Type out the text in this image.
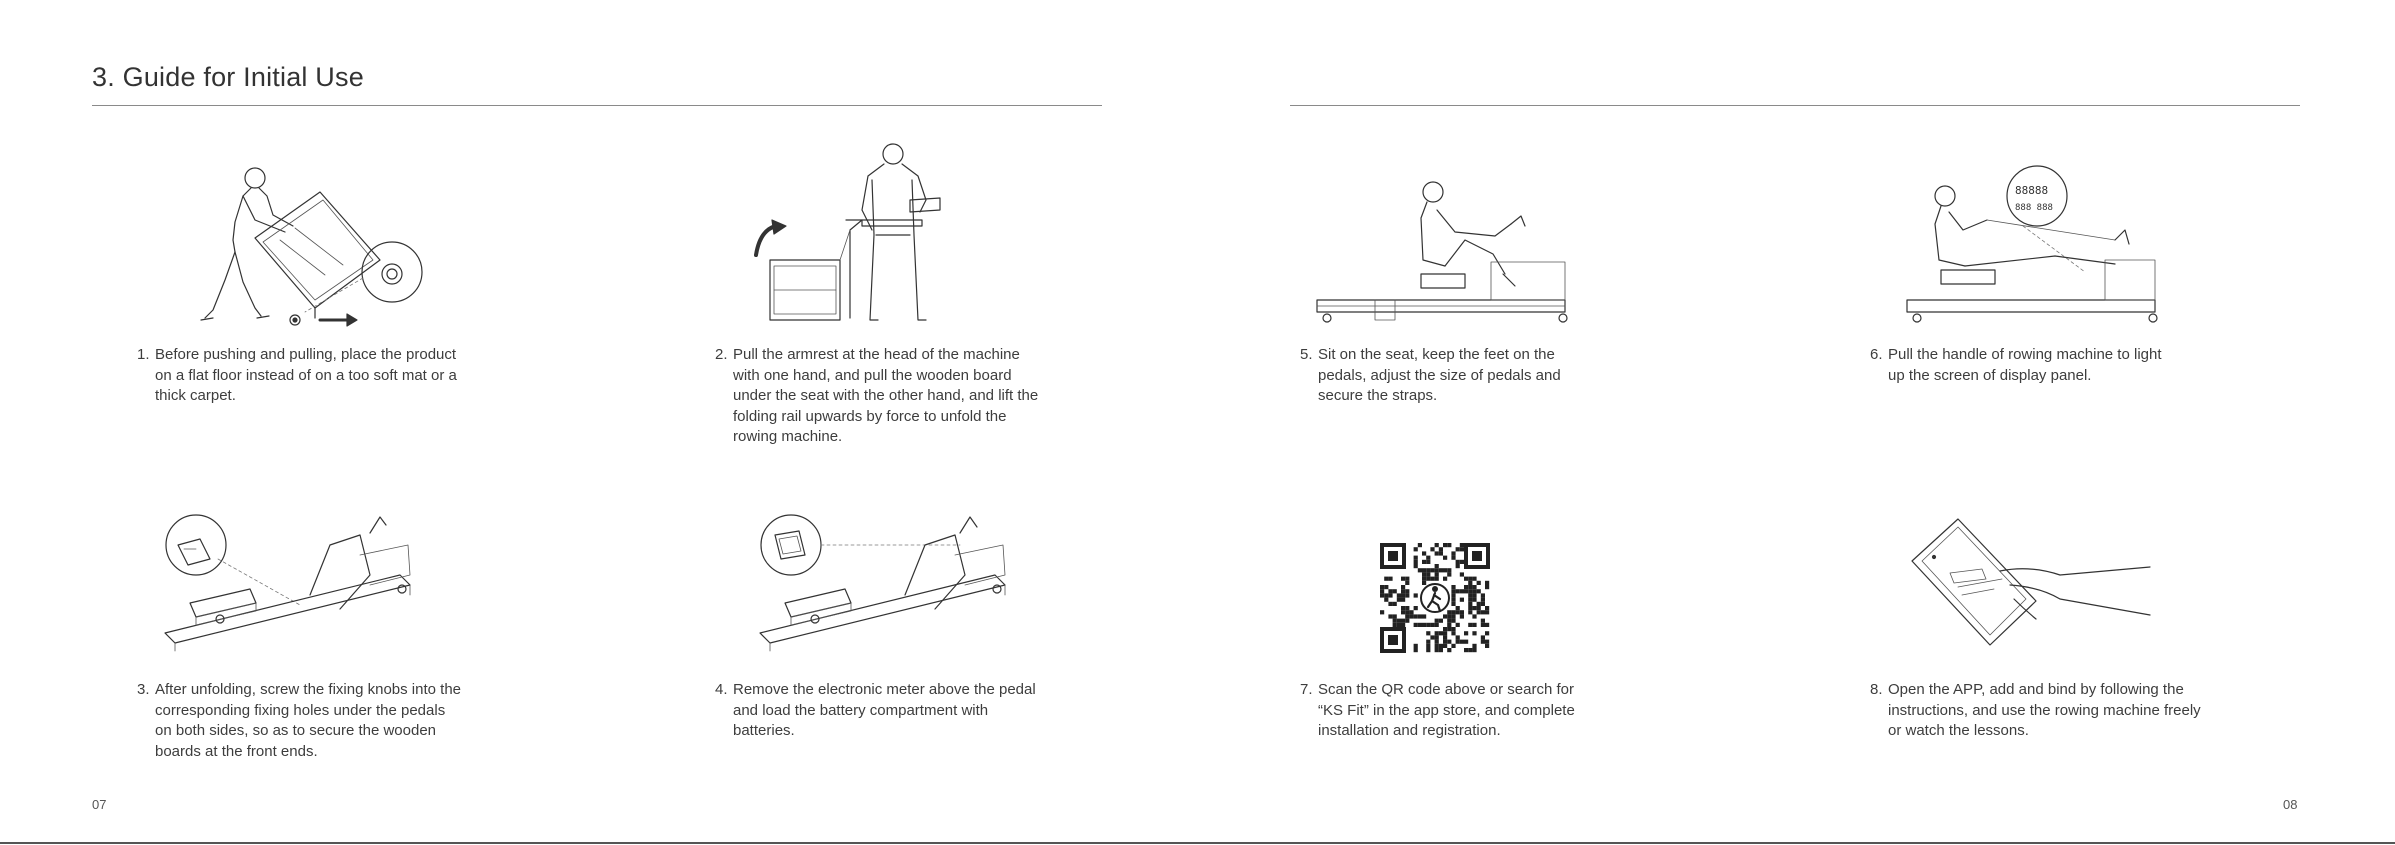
3. Guide for Initial Use
88888
888 888
1. Before pushing and pulling, place the product
on a flat floor instead of on a too soft mat or a
thick carpet.
2. Pull the armrest at the head of the machine
with one hand, and pull the wooden board
under the seat with the other hand, and lift the
folding rail upwards by force to unfold the
rowing machine.
5. Sit on the seat, keep the feet on the
pedals, adjust the size of pedals and
secure the straps.
6. Pull the handle of rowing machine to light
up the screen of display panel.
3. After unfolding, screw the fixing knobs into the
corresponding fixing holes under the pedals
on both sides, so as to secure the wooden
boards at the front ends.
4. Remove the electronic meter above the pedal
and load the battery compartment with
batteries.
7. Scan the QR code above or search for
“KS Fit” in the app store, and complete
installation and registration.
8. Open the APP, add and bind by following the
instructions, and use the rowing machine freely
or watch the lessons.
07	08
